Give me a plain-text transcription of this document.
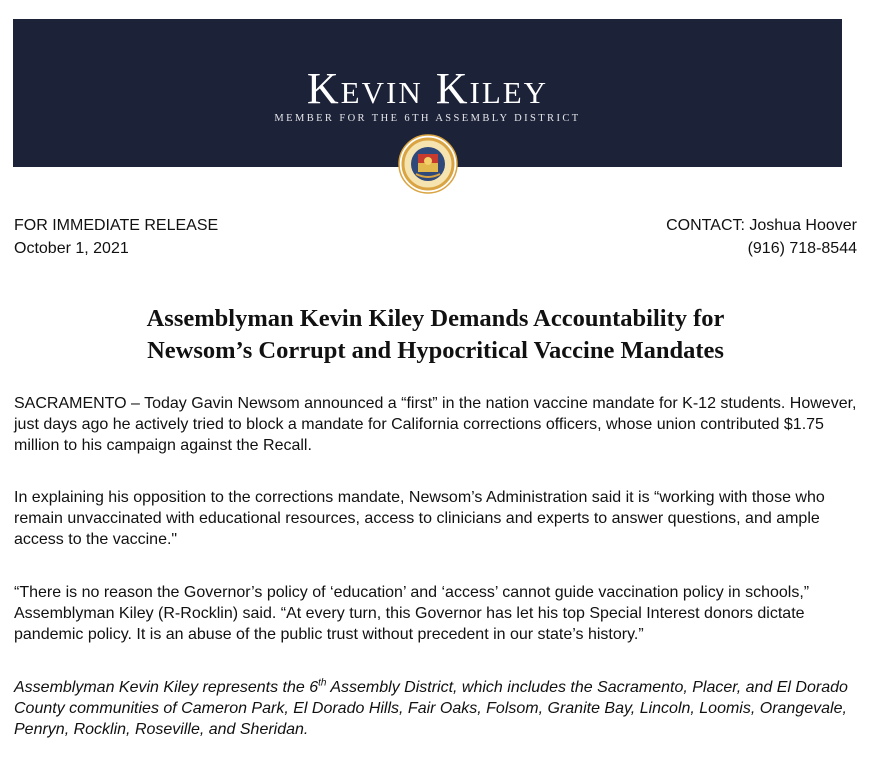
Kevin Kiley
MEMBER FOR THE 6TH ASSEMBLY DISTRICT
FOR IMMEDIATE RELEASE
October 1, 2021
CONTACT: Joshua Hoover
(916) 718-8544
Assemblyman Kevin Kiley Demands Accountability for
Newsom’s Corrupt and Hypocritical Vaccine Mandates
SACRAMENTO – Today Gavin Newsom announced a “first” in the nation vaccine mandate for K-12 students. However, just days ago he actively tried to block a mandate for California corrections officers, whose union contributed $1.75 million to his campaign against the Recall.
In explaining his opposition to the corrections mandate, Newsom’s Administration said it is “working with those who remain unvaccinated with educational resources, access to clinicians and experts to answer questions, and ample access to the vaccine."
“There is no reason the Governor’s policy of ‘education’ and ‘access’ cannot guide vaccination policy in schools,” Assemblyman Kiley (R-Rocklin) said. “At every turn, this Governor has let his top Special Interest donors dictate pandemic policy. It is an abuse of the public trust without precedent in our state’s history.”
Assemblyman Kevin Kiley represents the 6th Assembly District, which includes the Sacramento, Placer, and El Dorado County communities of Cameron Park, El Dorado Hills, Fair Oaks, Folsom, Granite Bay, Lincoln, Loomis, Orangevale, Penryn, Rocklin, Roseville, and Sheridan.
